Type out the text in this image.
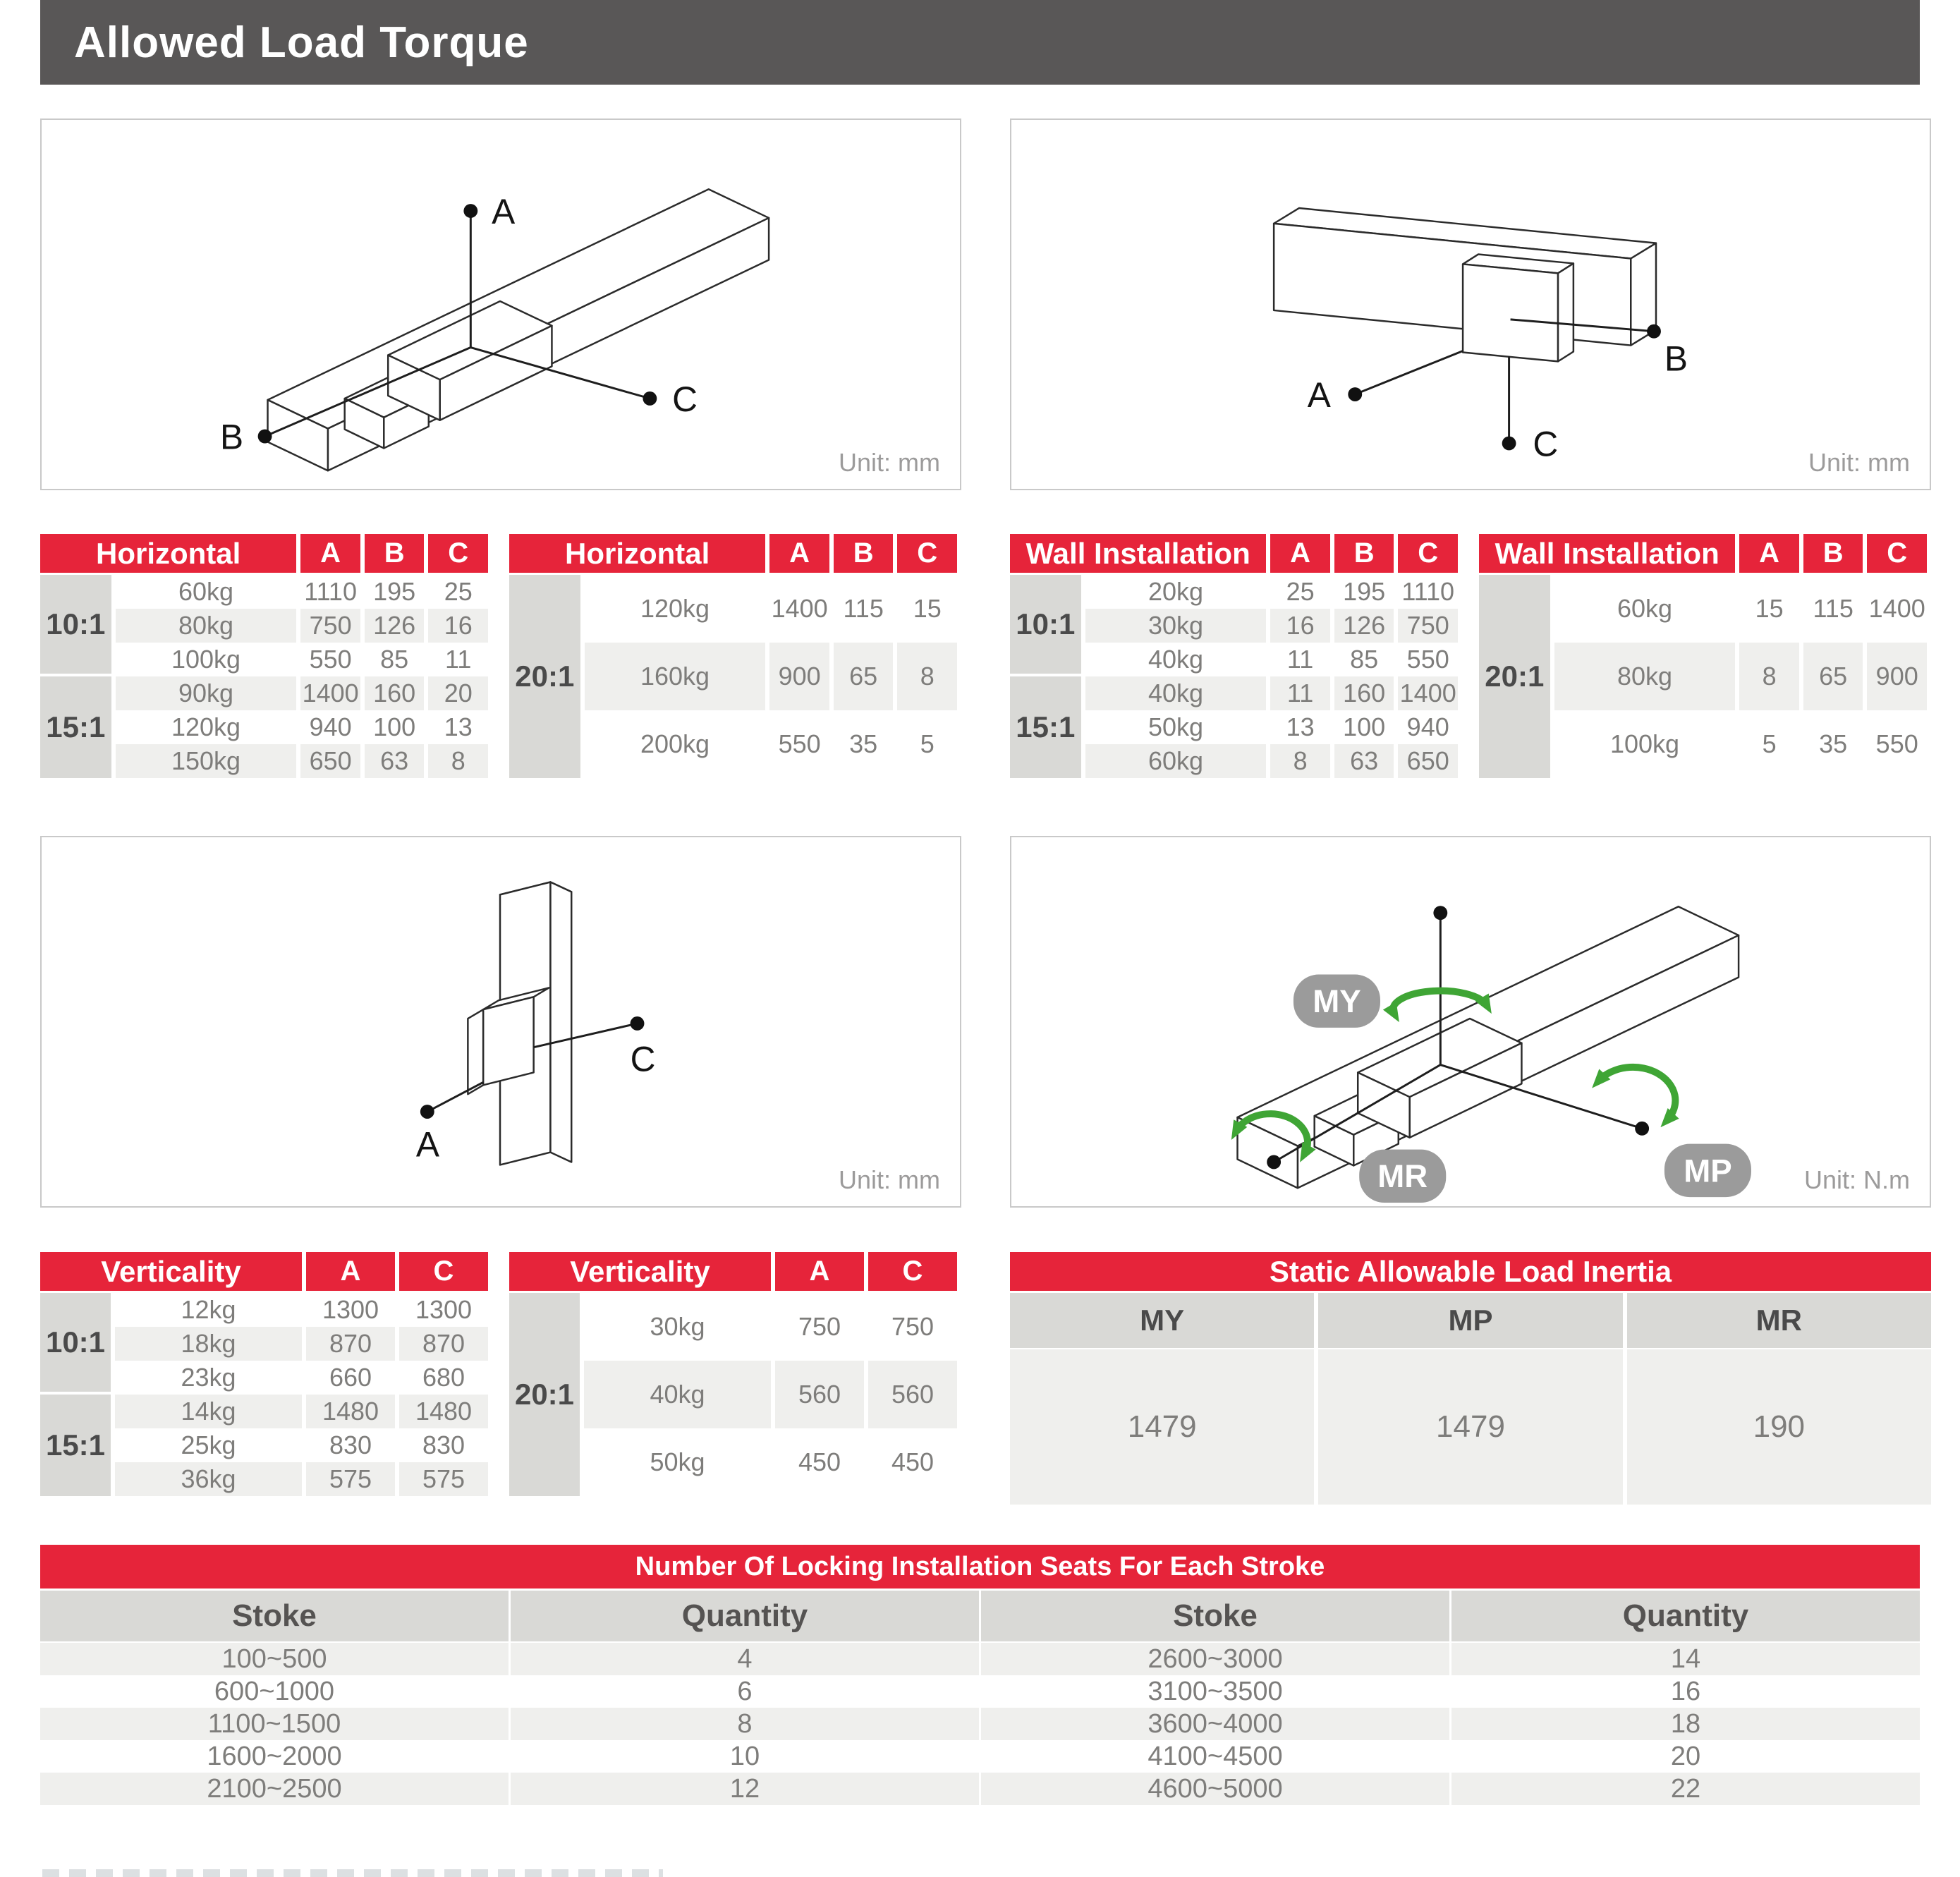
Allowed Load Torque
A
B
C
Unit: mm
A
B
C	Unit: mm
Horizontal	A	B	C
10:1
60kg	1110 195	25
80kg	750 126	16
100kg	550	85	11
15:1
90kg	1400 160	20
120kg	940 100	13
150kg	650	63	8
Horizontal	A	B	C
20:1
120kg	1400 115	15
160kg	900	65	8
200kg	550	35	5
Wall Installation	A	B	C
10:1
20kg	25	195 1110
30kg	16	126 750
40kg	11	85	550
15:1
40kg	11	160 1400
50kg	13	100 940
60kg	8	63	650
Wall Installation	A	B	C
20:1
60kg	15	115 1400
80kg	8	65	900
100kg	5	35	550
A
C
Unit: mm
MY
MP
MR	Unit: N.m
Verticality	A	C
10:1
12kg	1300	1300
18kg	870	870
23kg	660	680
15:1
14kg	1480	1480
25kg	830	830
36kg	575	575
Verticality	A	C
20:1
30kg	750	750
40kg	560	560
50kg	450	450
Static Allowable Load Inertia
MY	MP	MR
1479	1479	190
Number Of Locking Installation Seats For Each Stroke
Stoke	Quantity	Stoke	Quantity
100~500	4	2600~3000	14
600~1000	6	3100~3500	16
1100~1500	8	3600~4000	18
1600~2000	10	4100~4500	20
2100~2500	12	4600~5000	22
